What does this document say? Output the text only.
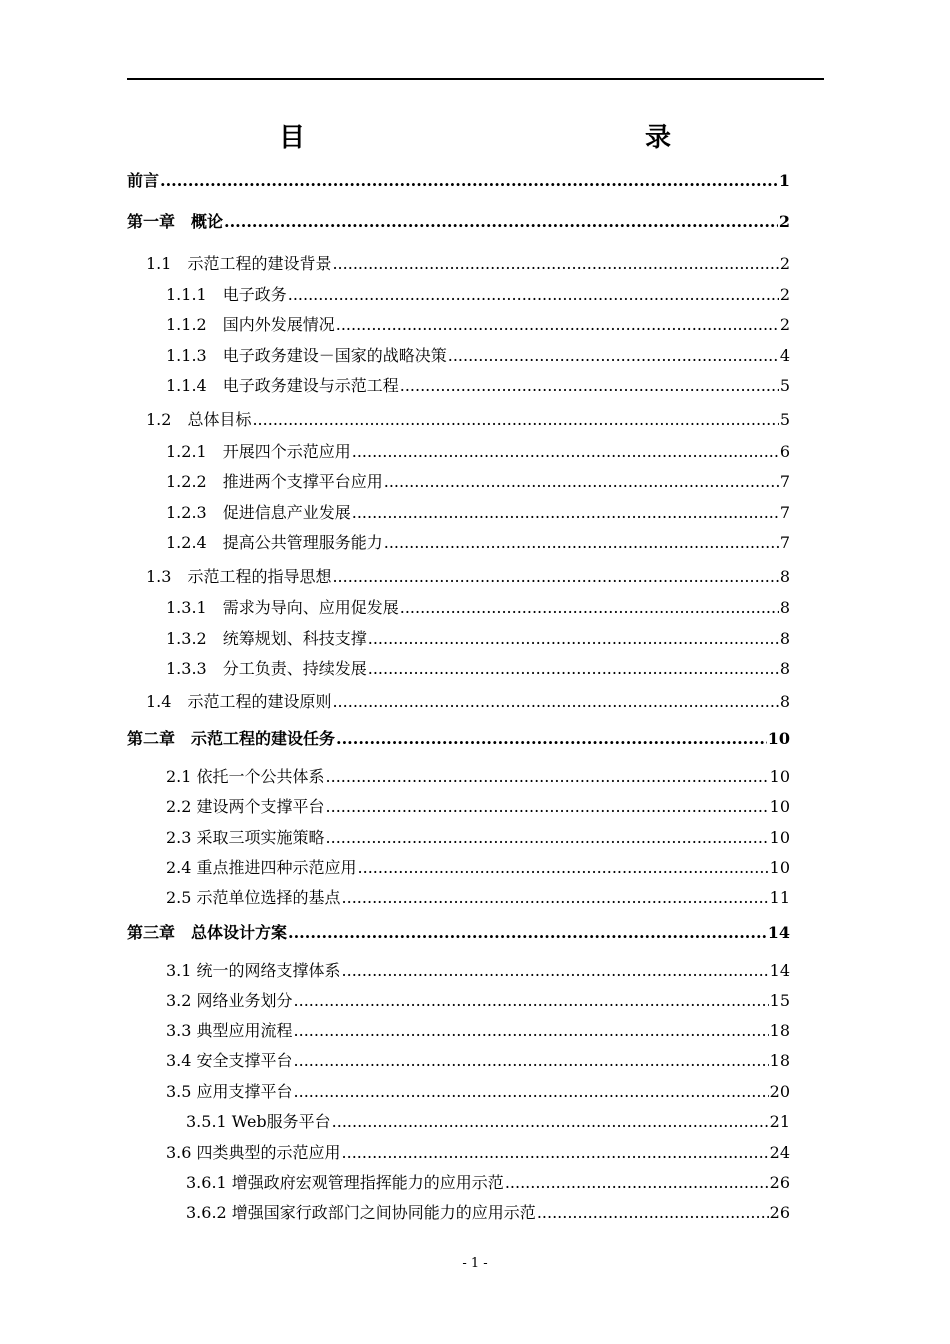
目　　录
前言 .....	1
第一章　概论 .....	2
1.1　示范工程的建设背景 .....	2
1.1.1　电子政务 .....	2
1.1.2　国内外发展情况 .....	2
1.1.3　电子政务建设－国家的战略决策 .....	4
1.1.4　电子政务建设与示范工程 .....	5
1.2　总体目标 .....	5
1.2.1　开展四个示范应用 .....	6
1.2.2　推进两个支撑平台应用 .....	7
1.2.3　促进信息产业发展 .....	7
1.2.4　提高公共管理服务能力 .....	7
1.3　示范工程的指导思想 .....	8
1.3.1　需求为导向、应用促发展 .....	8
1.3.2　统筹规划、科技支撑 .....	8
1.3.3　分工负责、持续发展 .....	8
1.4　示范工程的建设原则 .....	8
第二章　示范工程的建设任务 .....	10
2.1 依托一个公共体系 .....	10
2.2 建设两个支撑平台 .....	10
2.3 采取三项实施策略 .....	10
2.4 重点推进四种示范应用 .....	10
2.5 示范单位选择的基点 .....	11
第三章　总体设计方案 .....	14
3.1 统一的网络支撑体系 .....	14
3.2 网络业务划分 .....	15
3.3 典型应用流程 .....	18
3.4 安全支撑平台 .....	18
3.5 应用支撑平台 .....	20
3.5.1 Web服务平台 .....	21
3.6 四类典型的示范应用 .....	24
3.6.1 增强政府宏观管理指挥能力的应用示范 .....	26
3.6.2 增强国家行政部门之间协同能力的应用示范 .....	26
- 1 -
